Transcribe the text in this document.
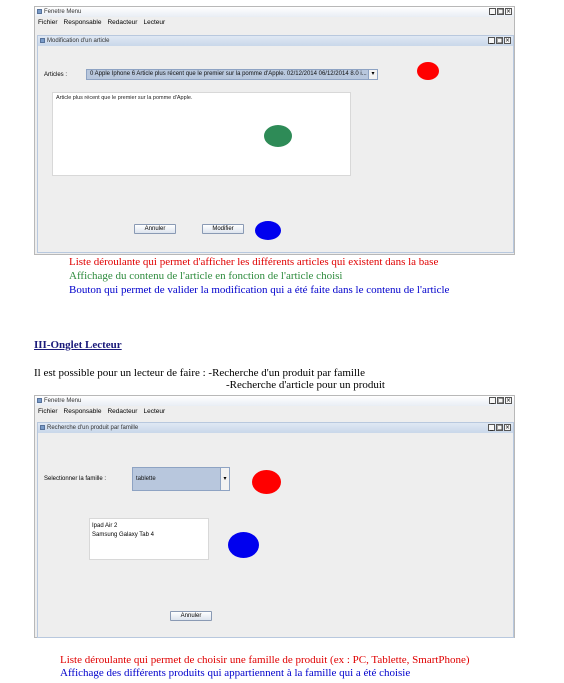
Fenetre Menu	_ □ ×
Fichier Responsable Redacteur Lecteur
Modification d'un article	_ □ ×
Articles :	0 Apple Iphone 6 Article plus récent que le premier sur la pomme d'Apple. 02/12/2014 06/12/2014 8.0 i... ▾
Article plus récent que le premier sur la pomme d'Apple.
Annuler	Modifier
Liste déroulante qui permet d'afficher les différents articles qui existent dans la base
Affichage du contenu de l'article en fonction de l'article choisi
Bouton qui permet de valider la modification qui a été faite dans le contenu de l'article
III-Onglet Lecteur
Il est possible pour un lecteur de faire : -Recherche d'un produit par famille
-Recherche d'article pour un produit
Fenetre Menu	_ □ ×
Fichier Responsable Redacteur Lecteur
Recherche d'un produit par famille	_ □ ×
Selectionner la famille :	tablette	▾
Ipad Air 2
Samsung Galaxy Tab 4
Annuler
Liste déroulante qui permet de choisir une famille de produit (ex : PC, Tablette, SmartPhone)
Affichage des différents produits qui appartiennent à la famille qui a été choisie
